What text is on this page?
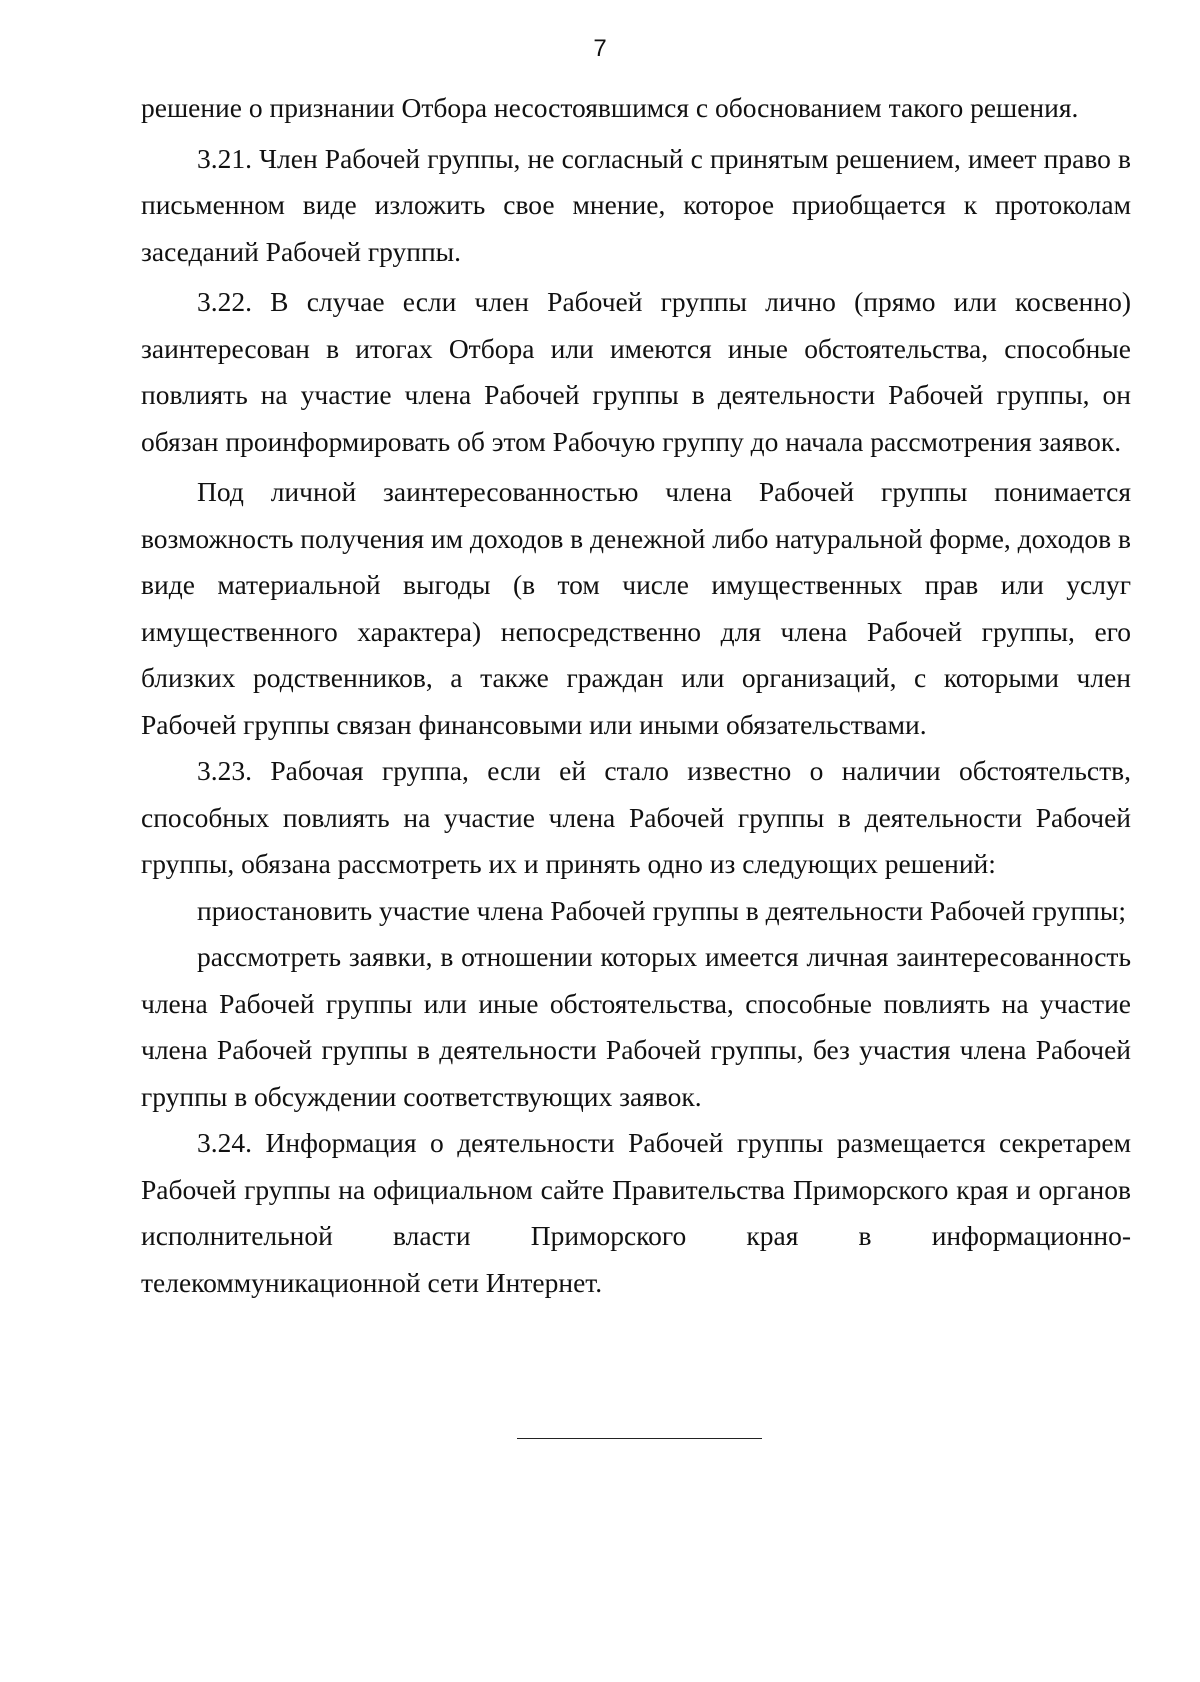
7

решение о признании Отбора несостоявшимся с обоснованием такого решения.

3.21. Член Рабочей группы, не согласный с принятым решением, имеет право в письменном виде изложить свое мнение, которое приобщается к протоколам заседаний Рабочей группы.

3.22. В случае если член Рабочей группы лично (прямо или косвенно) заинтересован в итогах Отбора или имеются иные обстоятельства, способные повлиять на участие члена Рабочей группы в деятельности Рабочей группы, он обязан проинформировать об этом Рабочую группу до начала рассмотрения заявок.

Под личной заинтересованностью члена Рабочей группы понимается возможность получения им доходов в денежной либо натуральной форме, доходов в виде материальной выгоды (в том числе имущественных прав или услуг имущественного характера) непосредственно для члена Рабочей группы, его близких родственников, а также граждан или организаций, с которыми член Рабочей группы связан финансовыми или иными обязательствами.

3.23. Рабочая группа, если ей стало известно о наличии обстоятельств, способных повлиять на участие члена Рабочей группы в деятельности Рабочей группы, обязана рассмотреть их и принять одно из следующих решений:

приостановить участие члена Рабочей группы в деятельности Рабочей группы;

рассмотреть заявки, в отношении которых имеется личная заинтересованность члена Рабочей группы или иные обстоятельства, способные повлиять на участие члена Рабочей группы в деятельности Рабочей группы, без участия члена Рабочей группы в обсуждении соответствующих заявок.

3.24. Информация о деятельности Рабочей группы размещается секретарем Рабочей группы на официальном сайте Правительства Приморского края и органов исполнительной власти Приморского края в информационно-телекоммуникационной сети Интернет.
